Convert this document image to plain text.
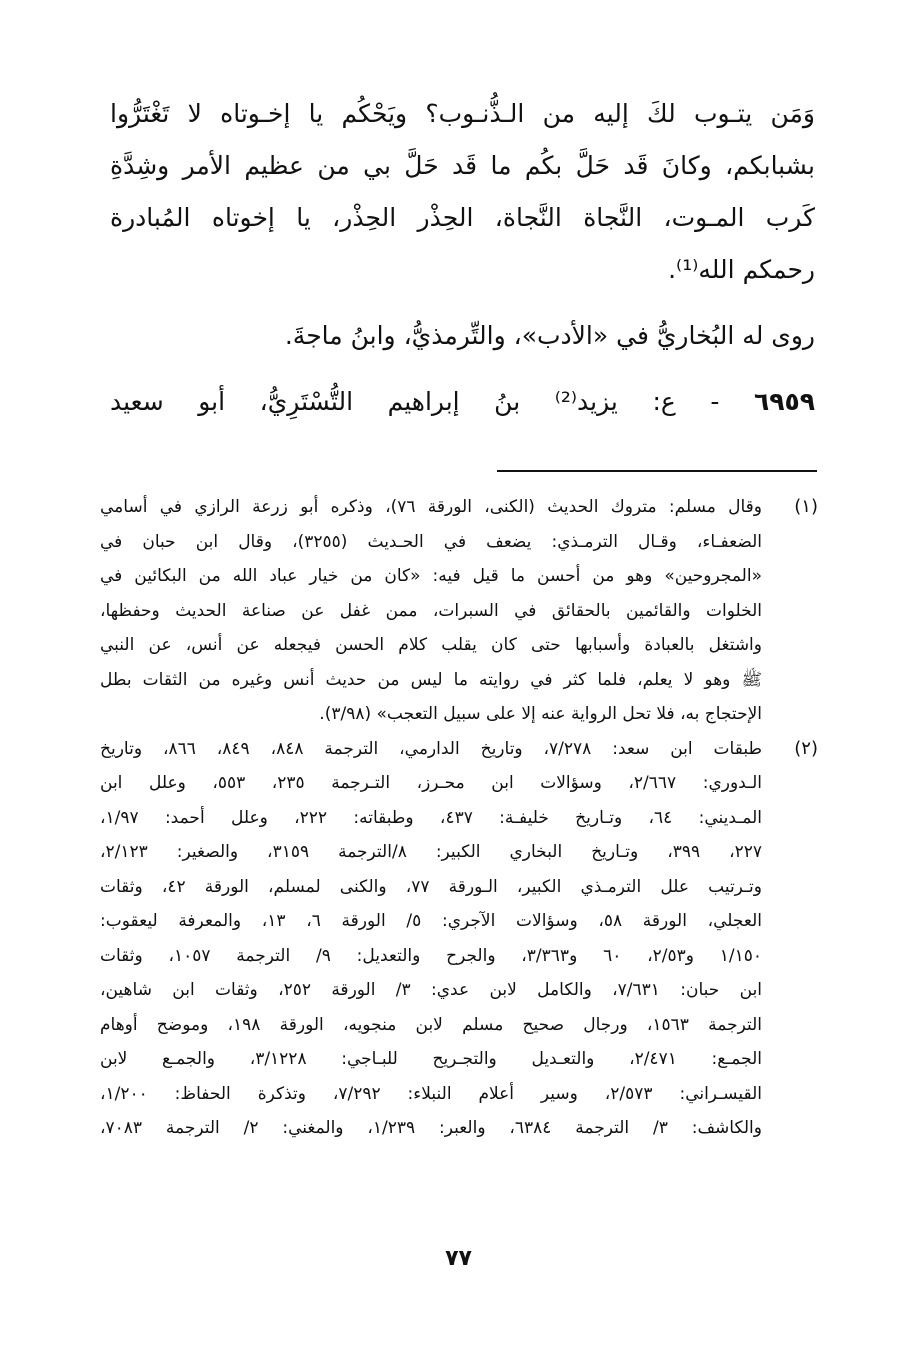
وَمَن يتـوب لكَ إليه من الـذُّنـوب؟ ويَحْكُم يا إخـوتاه لا تَغْتَرُّوا
بشبابكم، وكانَ قَد حَلَّ بكُم ما قَد حَلَّ بي من عظيم الأمر وشِدَّةِ
كَرب المـوت، النَّجاة النَّجاة، الحِذْر الحِذْر، يا إخوتاه المُبادرة
رحمكم الله⁽¹⁾.
روى له البُخاريُّ في «الأدب»، والتِّرمذيُّ، وابنُ ماجةَ.
٦٩٥٩ - ع: يزيد⁽²⁾ بنُ إبراهيم التُّسْتَرِيُّ، أبو سعيد
(١)
وقال مسلم: متروك الحديث (الكنى، الورقة ٧٦)، وذكره أبو زرعة الرازي في أسامي
الضعفـاء، وقـال الترمـذي: يضعف في الحـديث (٣٢٥٥)، وقال ابن حبان في
«المجروحين» وهو من أحسن ما قيل فيه: «كان من خيار عباد الله من البكائين في
الخلوات والقائمين بالحقائق في السبرات، ممن غفل عن صناعة الحديث وحفظها،
واشتغل بالعبادة وأسبابها حتى كان يقلب كلام الحسن فيجعله عن أنس، عن النبي
ﷺ وهو لا يعلم، فلما كثر في روايته ما ليس من حديث أنس وغيره من الثقات بطل
الإحتجاج به، فلا تحل الرواية عنه إلا على سبيل التعجب» (٣/٩٨).
(٢)
طبقات ابن سعد: ٧/٢٧٨، وتاريخ الدارمي، الترجمة ٨٤٨، ٨٤٩، ٨٦٦، وتاريخ
الـدوري: ٢/٦٦٧، وسؤالات ابن محـرز، التـرجمة ٢٣٥، ٥٥٣، وعلل ابن
المـديني: ٦٤، وتـاريخ خليفـة: ٤٣٧، وطبقاته: ٢٢٢، وعلل أحمد: ١/٩٧،
٢٢٧، ٣٩٩، وتـاريخ البخاري الكبير: ٨/الترجمة ٣١٥٩، والصغير: ٢/١٢٣،
وتـرتيب علل الترمـذي الكبير، الـورقة ٧٧، والكنى لمسلم، الورقة ٤٢، وثقات
العجلي، الورقة ٥٨، وسؤالات الآجري: ٥/ الورقة ٦، ١٣، والمعرفة ليعقوب:
١/١٥٠ و٢/٥٣، ٦٠ و٣/٣٦٣، والجرح والتعديل: ٩/ الترجمة ١٠٥٧، وثقات
ابن حبان: ٧/٦٣١، والكامل لابن عدي: ٣/ الورقة ٢٥٢، وثقات ابن شاهين،
الترجمة ١٥٦٣، ورجال صحيح مسلم لابن منجويه، الورقة ١٩٨، وموضح أوهام
الجمـع: ٢/٤٧١، والتعـديل والتجـريح للبـاجي: ٣/١٢٢٨، والجمـع لابن
القيسـراني: ٢/٥٧٣، وسير أعلام النبلاء: ٧/٢٩٢، وتذكرة الحفاظ: ١/٢٠٠،
والكاشف: ٣/ الترجمة ٦٣٨٤، والعبر: ١/٢٣٩، والمغني: ٢/ الترجمة ٧٠٨٣،
٧٧
